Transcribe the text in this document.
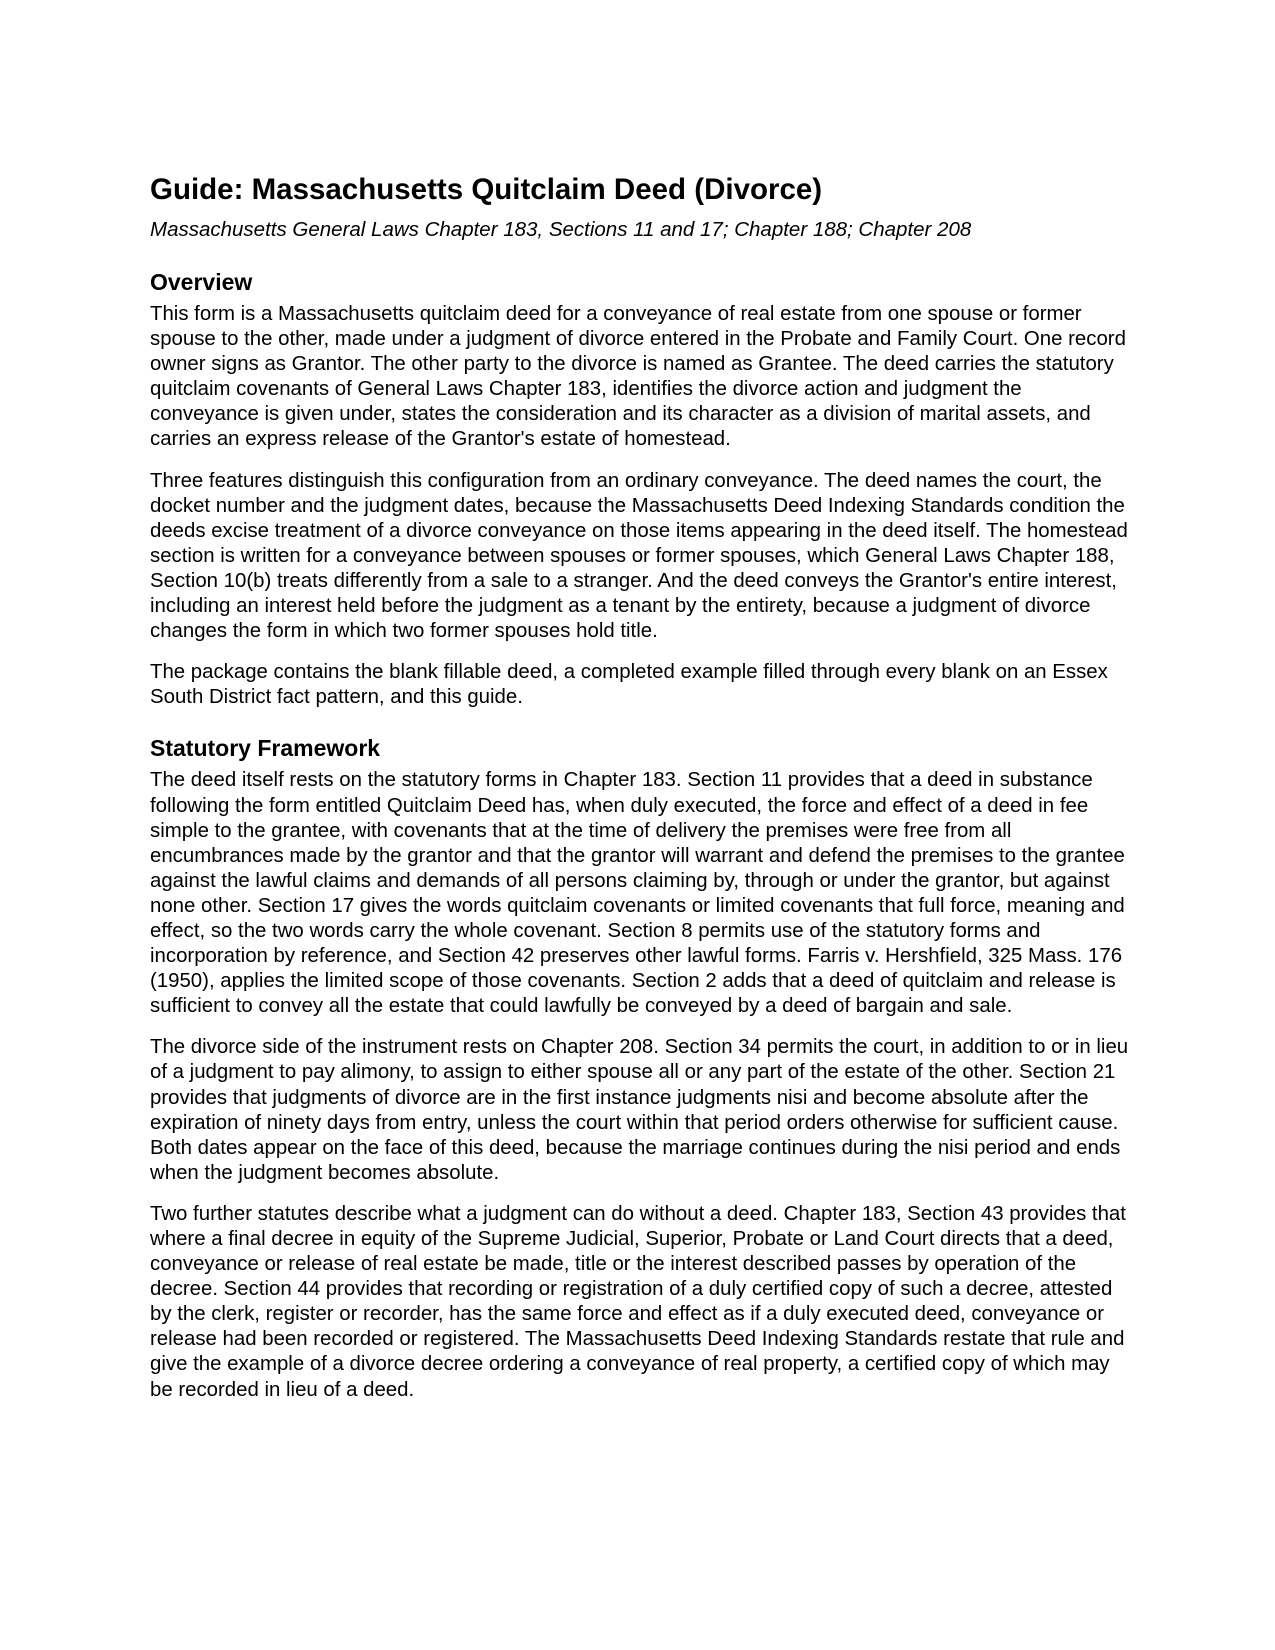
Guide: Massachusetts Quitclaim Deed (Divorce)

Massachusetts General Laws Chapter 183, Sections 11 and 17; Chapter 188; Chapter 208

Overview

This form is a Massachusetts quitclaim deed for a conveyance of real estate from one spouse or former spouse to the other, made under a judgment of divorce entered in the Probate and Family Court. One record owner signs as Grantor. The other party to the divorce is named as Grantee. The deed carries the statutory quitclaim covenants of General Laws Chapter 183, identifies the divorce action and judgment the conveyance is given under, states the consideration and its character as a division of marital assets, and carries an express release of the Grantor's estate of homestead.

Three features distinguish this configuration from an ordinary conveyance. The deed names the court, the docket number and the judgment dates, because the Massachusetts Deed Indexing Standards condition the deeds excise treatment of a divorce conveyance on those items appearing in the deed itself. The homestead section is written for a conveyance between spouses or former spouses, which General Laws Chapter 188, Section 10(b) treats differently from a sale to a stranger. And the deed conveys the Grantor's entire interest, including an interest held before the judgment as a tenant by the entirety, because a judgment of divorce changes the form in which two former spouses hold title.

The package contains the blank fillable deed, a completed example filled through every blank on an Essex South District fact pattern, and this guide.

Statutory Framework

The deed itself rests on the statutory forms in Chapter 183. Section 11 provides that a deed in substance following the form entitled Quitclaim Deed has, when duly executed, the force and effect of a deed in fee simple to the grantee, with covenants that at the time of delivery the premises were free from all encumbrances made by the grantor and that the grantor will warrant and defend the premises to the grantee against the lawful claims and demands of all persons claiming by, through or under the grantor, but against none other. Section 17 gives the words quitclaim covenants or limited covenants that full force, meaning and effect, so the two words carry the whole covenant. Section 8 permits use of the statutory forms and incorporation by reference, and Section 42 preserves other lawful forms. Farris v. Hershfield, 325 Mass. 176 (1950), applies the limited scope of those covenants. Section 2 adds that a deed of quitclaim and release is sufficient to convey all the estate that could lawfully be conveyed by a deed of bargain and sale.

The divorce side of the instrument rests on Chapter 208. Section 34 permits the court, in addition to or in lieu of a judgment to pay alimony, to assign to either spouse all or any part of the estate of the other. Section 21 provides that judgments of divorce are in the first instance judgments nisi and become absolute after the expiration of ninety days from entry, unless the court within that period orders otherwise for sufficient cause. Both dates appear on the face of this deed, because the marriage continues during the nisi period and ends when the judgment becomes absolute.

Two further statutes describe what a judgment can do without a deed. Chapter 183, Section 43 provides that where a final decree in equity of the Supreme Judicial, Superior, Probate or Land Court directs that a deed, conveyance or release of real estate be made, title or the interest described passes by operation of the decree. Section 44 provides that recording or registration of a duly certified copy of such a decree, attested by the clerk, register or recorder, has the same force and effect as if a duly executed deed, conveyance or release had been recorded or registered. The Massachusetts Deed Indexing Standards restate that rule and give the example of a divorce decree ordering a conveyance of real property, a certified copy of which may be recorded in lieu of a deed.
